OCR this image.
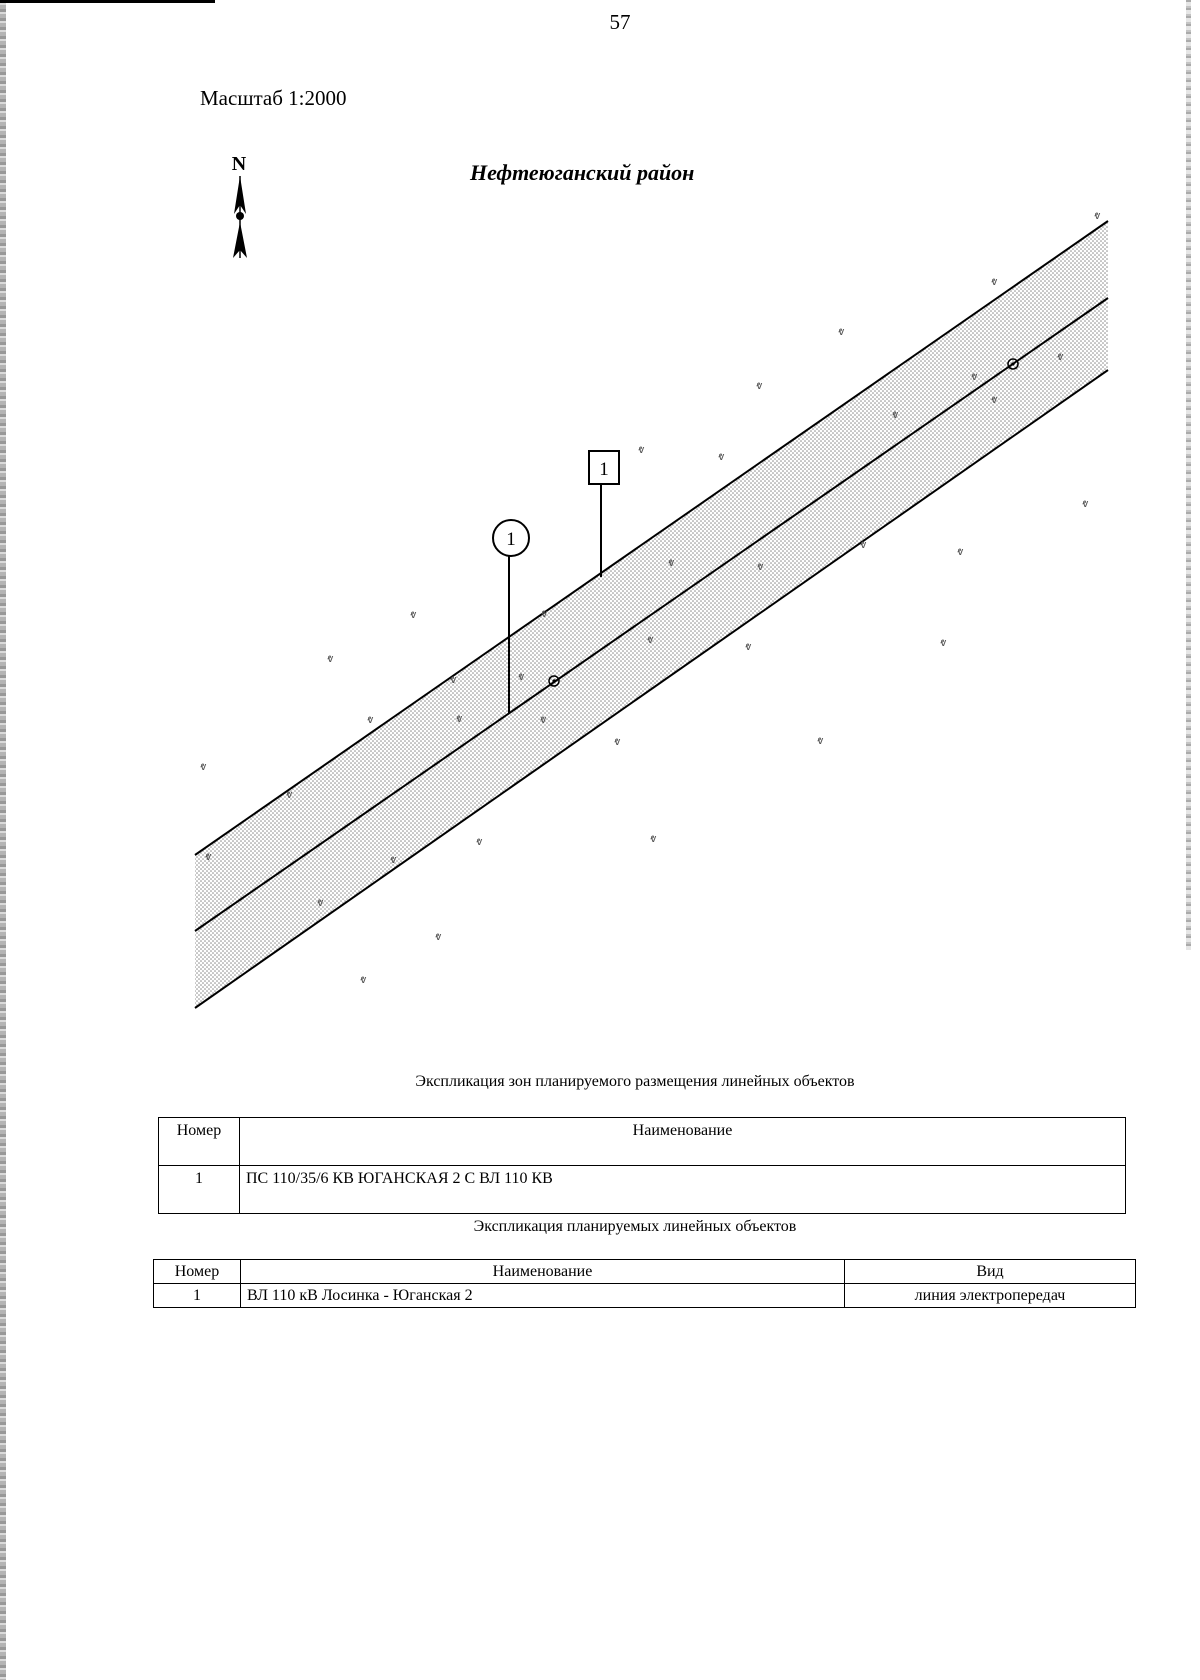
57
Масштаб 1:2000
Нефтеюганский район
N
1
1
ⱴ
ⱴ
ⱴ
ⱴ
ⱴ
ⱴ
ⱴ
ⱴ
ⱴ
ⱴ
ⱴ
ⱴ
ⱴ
ⱴ
ⱴ
ⱴ
ⱴ
ⱴ	ⱴ
ⱴ
ⱴ
ⱴ	ⱴ
ⱴ	ⱴ	ⱴ
ⱴ	ⱴ
ⱴ
ⱴ
ⱴ	ⱴ
ⱴ	ⱴ
ⱴ
ⱴ
ⱴ
Экспликация зон планируемого размещения линейных объектов
Номер	Наименование
1	ПС 110/35/6 КВ ЮГАНСКАЯ 2 С ВЛ 110 КВ
Экспликация планируемых линейных объектов
Номер	Наименование	Вид
1	ВЛ 110 кВ Лосинка - Юганская 2	линия электропередач
